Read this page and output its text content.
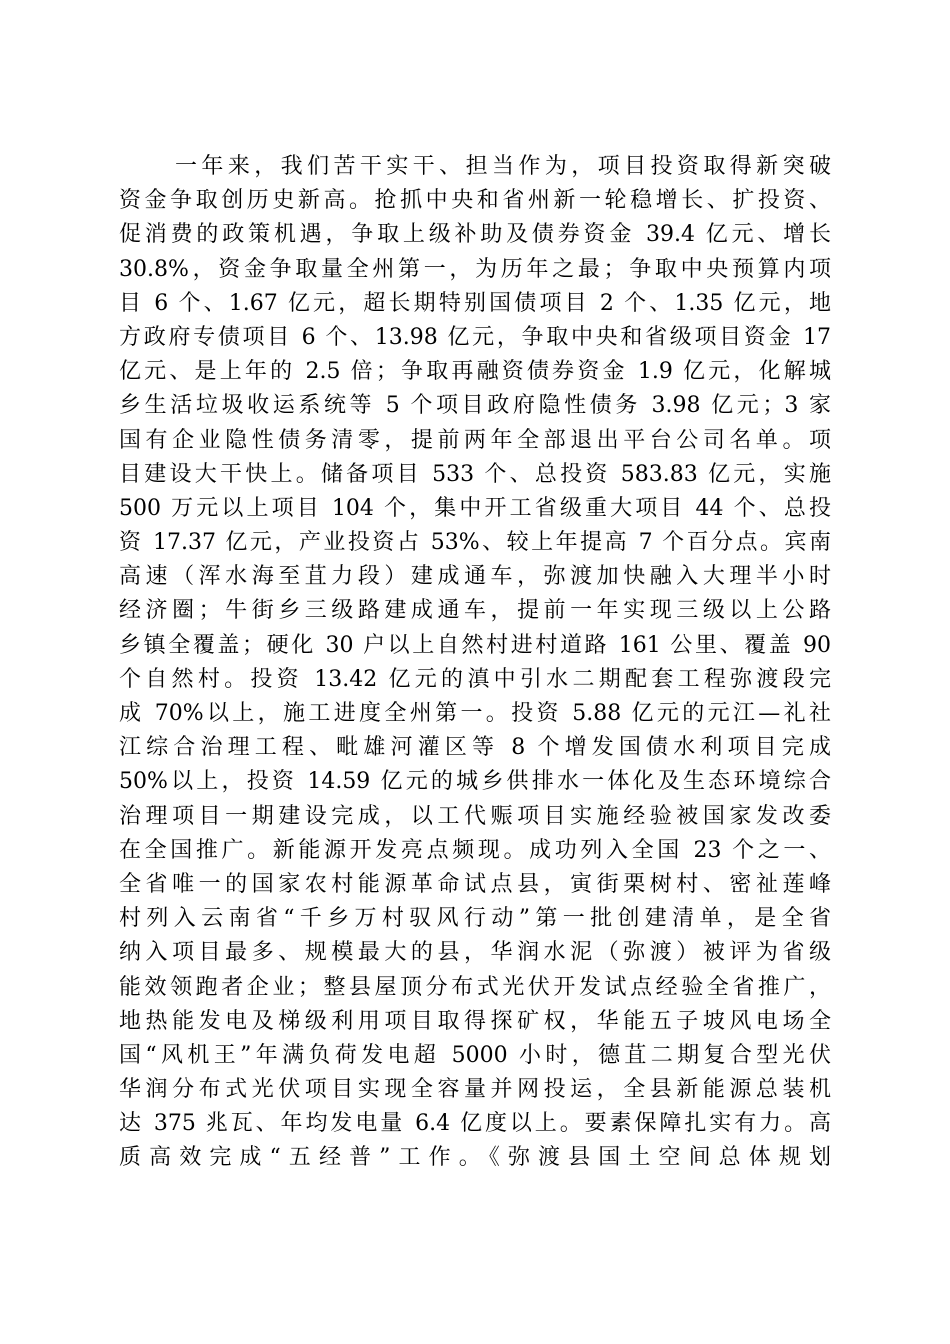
一年来，我们苦干实干、担当作为，项目投资取得新突破
资金争取创历史新高。抢抓中央和省州新一轮稳增长、扩投资、
促消费的政策机遇，争取上级补助及债券资金 39.4 亿元、增长
30.8%，资金争取量全州第一，为历年之最；争取中央预算内项
目 6 个、1.67 亿元，超长期特别国债项目 2 个、1.35 亿元，地
方政府专债项目 6 个、13.98 亿元，争取中央和省级项目资金 17
亿元、是上年的 2.5 倍；争取再融资债券资金 1.9 亿元，化解城
乡生活垃圾收运系统等 5 个项目政府隐性债务 3.98 亿元；3 家
国有企业隐性债务清零，提前两年全部退出平台公司名单。项
目建设大干快上。储备项目 533 个、总投资 583.83 亿元，实施
500 万元以上项目 104 个，集中开工省级重大项目 44 个、总投
资 17.37 亿元，产业投资占 53%、较上年提高 7 个百分点。宾南
高速（浑水海至苴力段）建成通车，弥渡加快融入大理半小时
经济圈；牛街乡三级路建成通车，提前一年实现三级以上公路
乡镇全覆盖；硬化 30 户以上自然村进村道路 161 公里、覆盖 90
个自然村。投资 13.42 亿元的滇中引水二期配套工程弥渡段完
成 70%以上，施工进度全州第一。投资 5.88 亿元的元江—礼社
江综合治理工程、毗雄河灌区等 8 个增发国债水利项目完成
50%以上，投资 14.59 亿元的城乡供排水一体化及生态环境综合
治理项目一期建设完成，以工代赈项目实施经验被国家发改委
在全国推广。新能源开发亮点频现。成功列入全国 23 个之一、
全省唯一的国家农村能源革命试点县，寅街栗树村、密祉莲峰
村列入云南省“千乡万村驭风行动”第一批创建清单，是全省
纳入项目最多、规模最大的县，华润水泥（弥渡）被评为省级
能效领跑者企业；整县屋顶分布式光伏开发试点经验全省推广，
地热能发电及梯级利用项目取得探矿权，华能五子坡风电场全
国“风机王”年满负荷发电超 5000 小时，德苴二期复合型光伏
华润分布式光伏项目实现全容量并网投运，全县新能源总装机
达 375 兆瓦、年均发电量 6.4 亿度以上。要素保障扎实有力。高
质高效完成“五经普”工作。《弥渡县国土空间总体规划
